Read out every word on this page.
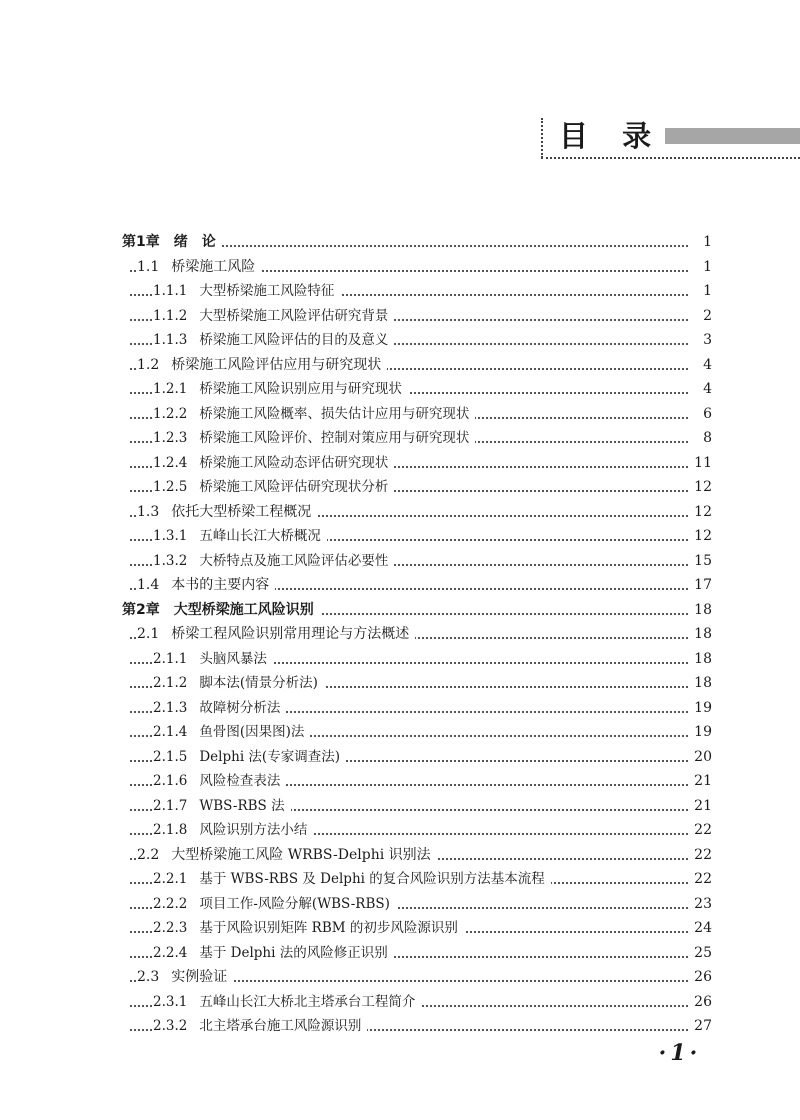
目 录
第1章 绪　论	1
1.1 桥梁施工风险	1
1.1.1 大型桥梁施工风险特征	1
1.1.2 大型桥梁施工风险评估研究背景	2
1.1.3 桥梁施工风险评估的目的及意义	3
1.2 桥梁施工风险评估应用与研究现状	4
1.2.1 桥梁施工风险识别应用与研究现状	4
1.2.2 桥梁施工风险概率、损失估计应用与研究现状	6
1.2.3 桥梁施工风险评价、控制对策应用与研究现状	8
1.2.4 桥梁施工风险动态评估研究现状	11
1.2.5 桥梁施工风险评估研究现状分析	12
1.3 依托大型桥梁工程概况	12
1.3.1 五峰山长江大桥概况	12
1.3.2 大桥特点及施工风险评估必要性	15
1.4 本书的主要内容	17
第2章 大型桥梁施工风险识别	18
2.1 桥梁工程风险识别常用理论与方法概述	18
2.1.1 头脑风暴法	18
2.1.2 脚本法(情景分析法)	18
2.1.3 故障树分析法	19
2.1.4 鱼骨图(因果图)法	19
2.1.5 Delphi 法(专家调查法)	20
2.1.6 风险检查表法	21
2.1.7 WBS-RBS 法	21
2.1.8 风险识别方法小结	22
2.2 大型桥梁施工风险 WRBS-Delphi 识别法	22
2.2.1 基于 WBS-RBS 及 Delphi 的复合风险识别方法基本流程	22
2.2.2 项目工作-风险分解(WBS-RBS)	23
2.2.3 基于风险识别矩阵 RBM 的初步风险源识别	24
2.2.4 基于 Delphi 法的风险修正识别	25
2.3 实例验证	26
2.3.1 五峰山长江大桥北主塔承台工程简介	26
2.3.2 北主塔承台施工风险源识别	27
·1·
